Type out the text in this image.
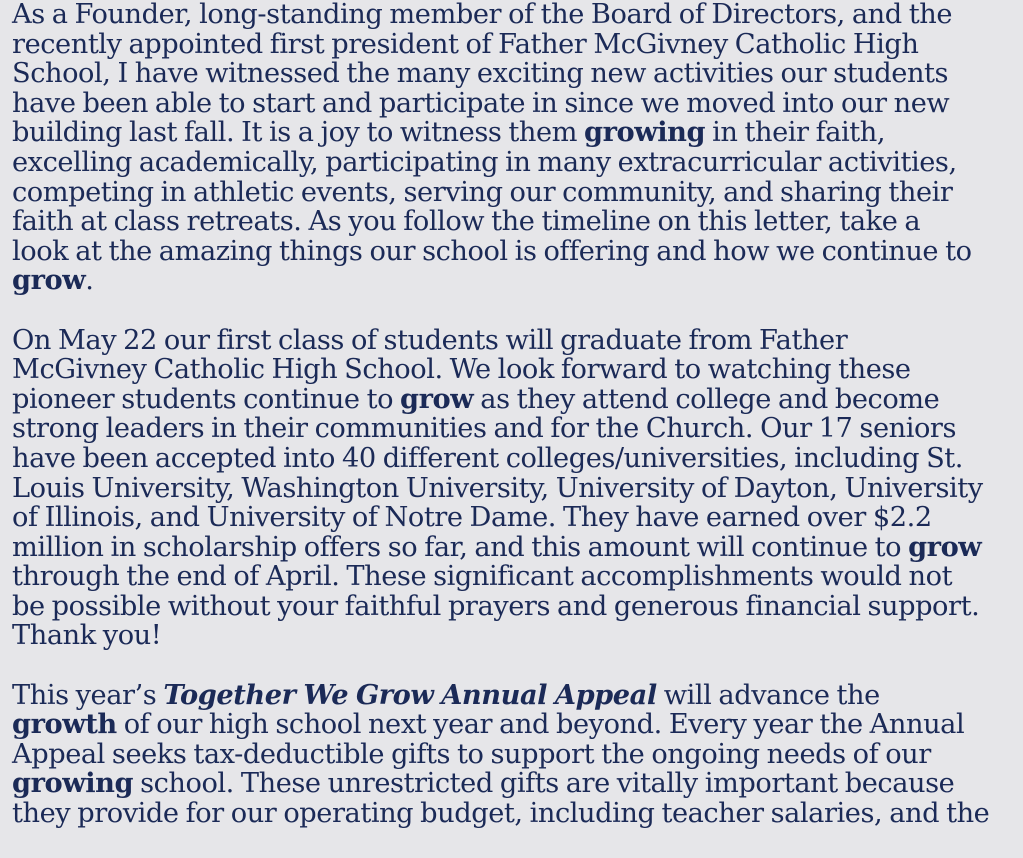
As a Founder, long-standing member of the Board of Directors, and the
recently appointed first president of Father McGivney Catholic High
School, I have witnessed the many exciting new activities our students
have been able to start and participate in since we moved into our new
building last fall. It is a joy to witness them growing in their faith,
excelling academically, participating in many extracurricular activities,
competing in athletic events, serving our community, and sharing their
faith at class retreats. As you follow the timeline on this letter, take a
look at the amazing things our school is offering and how we continue to
grow.

On May 22 our first class of students will graduate from Father
McGivney Catholic High School. We look forward to watching these
pioneer students continue to grow as they attend college and become
strong leaders in their communities and for the Church. Our 17 seniors
have been accepted into 40 different colleges/universities, including St.
Louis University, Washington University, University of Dayton, University
of Illinois, and University of Notre Dame. They have earned over $2.2
million in scholarship offers so far, and this amount will continue to grow
through the end of April. These significant accomplishments would not
be possible without your faithful prayers and generous financial support.
Thank you!

This year’s Together We Grow Annual Appeal will advance the
growth of our high school next year and beyond. Every year the Annual
Appeal seeks tax-deductible gifts to support the ongoing needs of our
growing school. These unrestricted gifts are vitally important because
they provide for our operating budget, including teacher salaries, and the
